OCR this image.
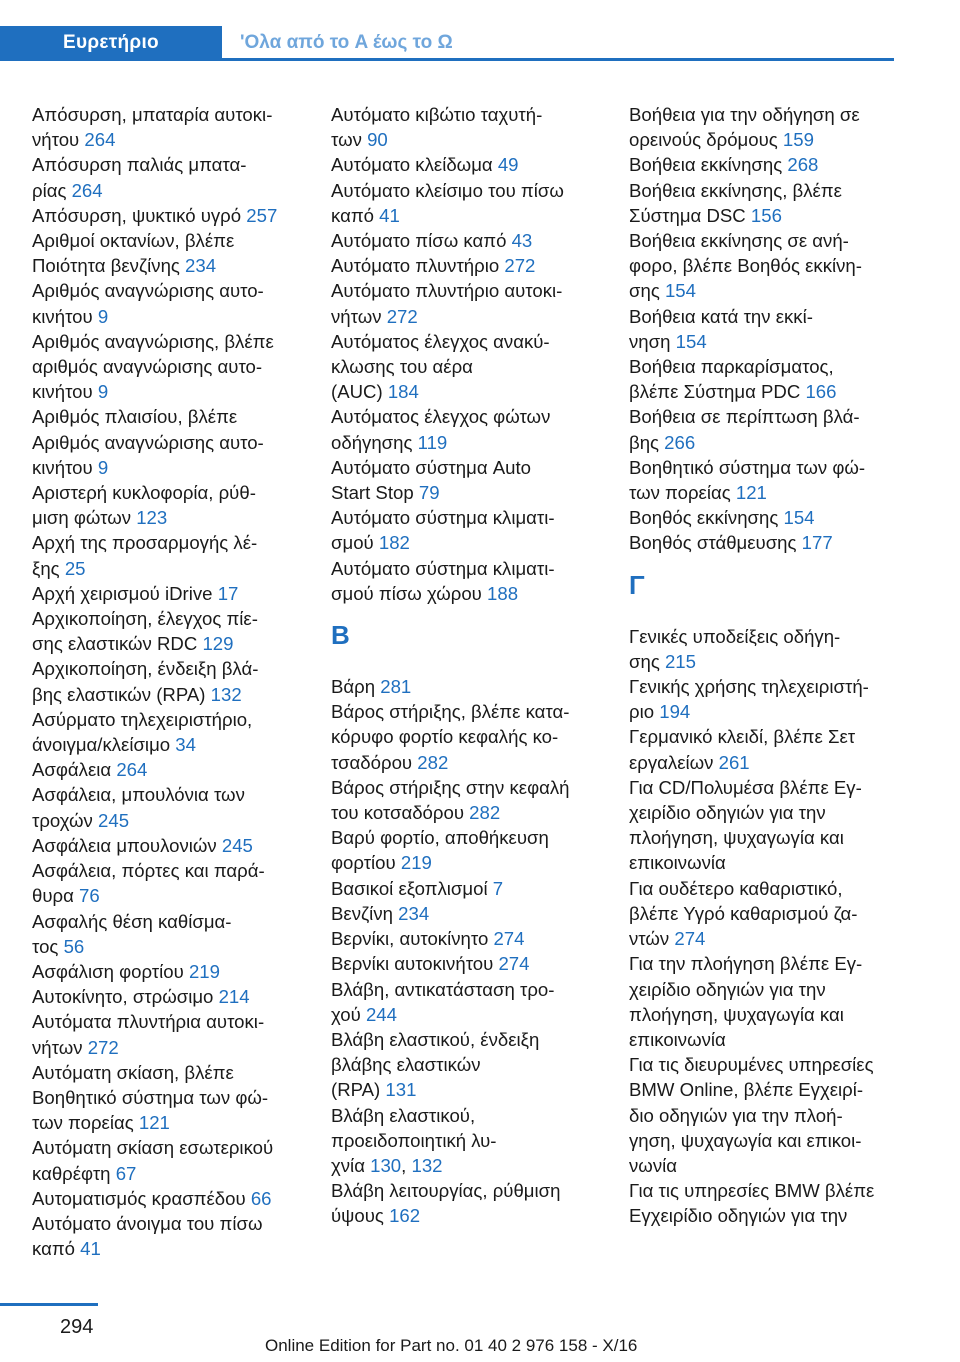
Ευρετήριο	'Ολα από το A έως το Ω
Απόσυρση, μπαταρία αυτοκι‐
νήτου 264
Απόσυρση παλιάς μπατα‐
ρίας 264
Απόσυρση, ψυκτικό υγρό 257
Αριθμοί οκτανίων, βλέπε
Ποιότητα βενζίνης 234
Αριθμός αναγνώρισης αυτο‐
κινήτου 9
Αριθμός αναγνώρισης, βλέπε
αριθμός αναγνώρισης αυτο‐
κινήτου 9
Αριθμός πλαισίου, βλέπε
Αριθμός αναγνώρισης αυτο‐
κινήτου 9
Αριστερή κυκλοφορία, ρύθ‐
μιση φώτων 123
Αρχή της προσαρμογής λέ‐
ξης 25
Αρχή χειρισμού iDrive 17
Αρχικοποίηση, έλεγχος πίε‐
σης ελαστικών RDC 129
Αρχικοποίηση, ένδειξη βλά‐
βης ελαστικών (RPA) 132
Ασύρματο τηλεχειριστήριο,
άνοιγμα/κλείσιμο 34
Ασφάλεια 264
Ασφάλεια, μπουλόνια των
τροχών 245
Ασφάλεια μπουλονιών 245
Ασφάλεια, πόρτες και παρά‐
θυρα 76
Ασφαλής θέση καθίσμα‐
τος 56
Ασφάλιση φορτίου 219
Αυτοκίνητο, στρώσιμο 214
Αυτόματα πλυντήρια αυτοκι‐
νήτων 272
Αυτόματη σκίαση, βλέπε
Βοηθητικό σύστημα των φώ‐
των πορείας 121
Αυτόματη σκίαση εσωτερικού
καθρέφτη 67
Αυτοματισμός κρασπέδου 66
Αυτόματο άνοιγμα του πίσω
καπό 41
Αυτόματο κιβώτιο ταχυτή‐
των 90
Αυτόματο κλείδωμα 49
Αυτόματο κλείσιμο του πίσω
καπό 41
Αυτόματο πίσω καπό 43
Αυτόματο πλυντήριο 272
Αυτόματο πλυντήριο αυτοκι‐
νήτων 272
Αυτόματος έλεγχος ανακύ‐
κλωσης του αέρα
(AUC) 184
Αυτόματος έλεγχος φώτων
οδήγησης 119
Αυτόματο σύστημα Auto
Start Stop 79
Αυτόματο σύστημα κλιματι‐
σμού 182
Αυτόματο σύστημα κλιματι‐
σμού πίσω χώρου 188
Β
Βάρη 281
Βάρος στήριξης, βλέπε κατα‐
κόρυφο φορτίο κεφαλής κο‐
τσαδόρου 282
Βάρος στήριξης στην κεφαλή
του κοτσαδόρου 282
Βαρύ φορτίο, αποθήκευση
φορτίου 219
Βασικοί εξοπλισμοί 7
Βενζίνη 234
Βερνίκι, αυτοκίνητο 274
Βερνίκι αυτοκινήτου 274
Βλάβη, αντικατάσταση τρο‐
χού 244
Βλάβη ελαστικού, ένδειξη
βλάβης ελαστικών
(RPA) 131
Βλάβη ελαστικού,
προειδοποιητική λυ‐
χνία 130, 132
Βλάβη λειτουργίας, ρύθμιση
ύψους 162
Βοήθεια για την οδήγηση σε
ορεινούς δρόμους 159
Βοήθεια εκκίνησης 268
Βοήθεια εκκίνησης, βλέπε
Σύστημα DSC 156
Βοήθεια εκκίνησης σε ανή‐
φορο, βλέπε Βοηθός εκκίνη‐
σης 154
Βοήθεια κατά την εκκί‐
νηση 154
Βοήθεια παρκαρίσματος,
βλέπε Σύστημα PDC 166
Βοήθεια σε περίπτωση βλά‐
βης 266
Βοηθητικό σύστημα των φώ‐
των πορείας 121
Βοηθός εκκίνησης 154
Βοηθός στάθμευσης 177
Γ
Γενικές υποδείξεις οδήγη‐
σης 215
Γενικής χρήσης τηλεχειριστή‐
ριο 194
Γερμανικό κλειδί, βλέπε Σετ
εργαλείων 261
Για CD/Πολυμέσα βλέπε Εγ‐
χειρίδιο οδηγιών για την
πλοήγηση, ψυχαγωγία και
επικοινωνία
Για ουδέτερο καθαριστικό,
βλέπε Υγρό καθαρισμού ζα‐
ντών 274
Για την πλοήγηση βλέπε Εγ‐
χειρίδιο οδηγιών για την
πλοήγηση, ψυχαγωγία και
επικοινωνία
Για τις διευρυμένες υπηρεσίες
BMW Online, βλέπε Εγχειρί‐
διο οδηγιών για την πλοή‐
γηση, ψυχαγωγία και επικοι‐
νωνία
Για τις υπηρεσίες BMW βλέπε
Εγχειρίδιο οδηγιών για την
294
Online Edition for Part no. 01 40 2 976 158 - X/16
